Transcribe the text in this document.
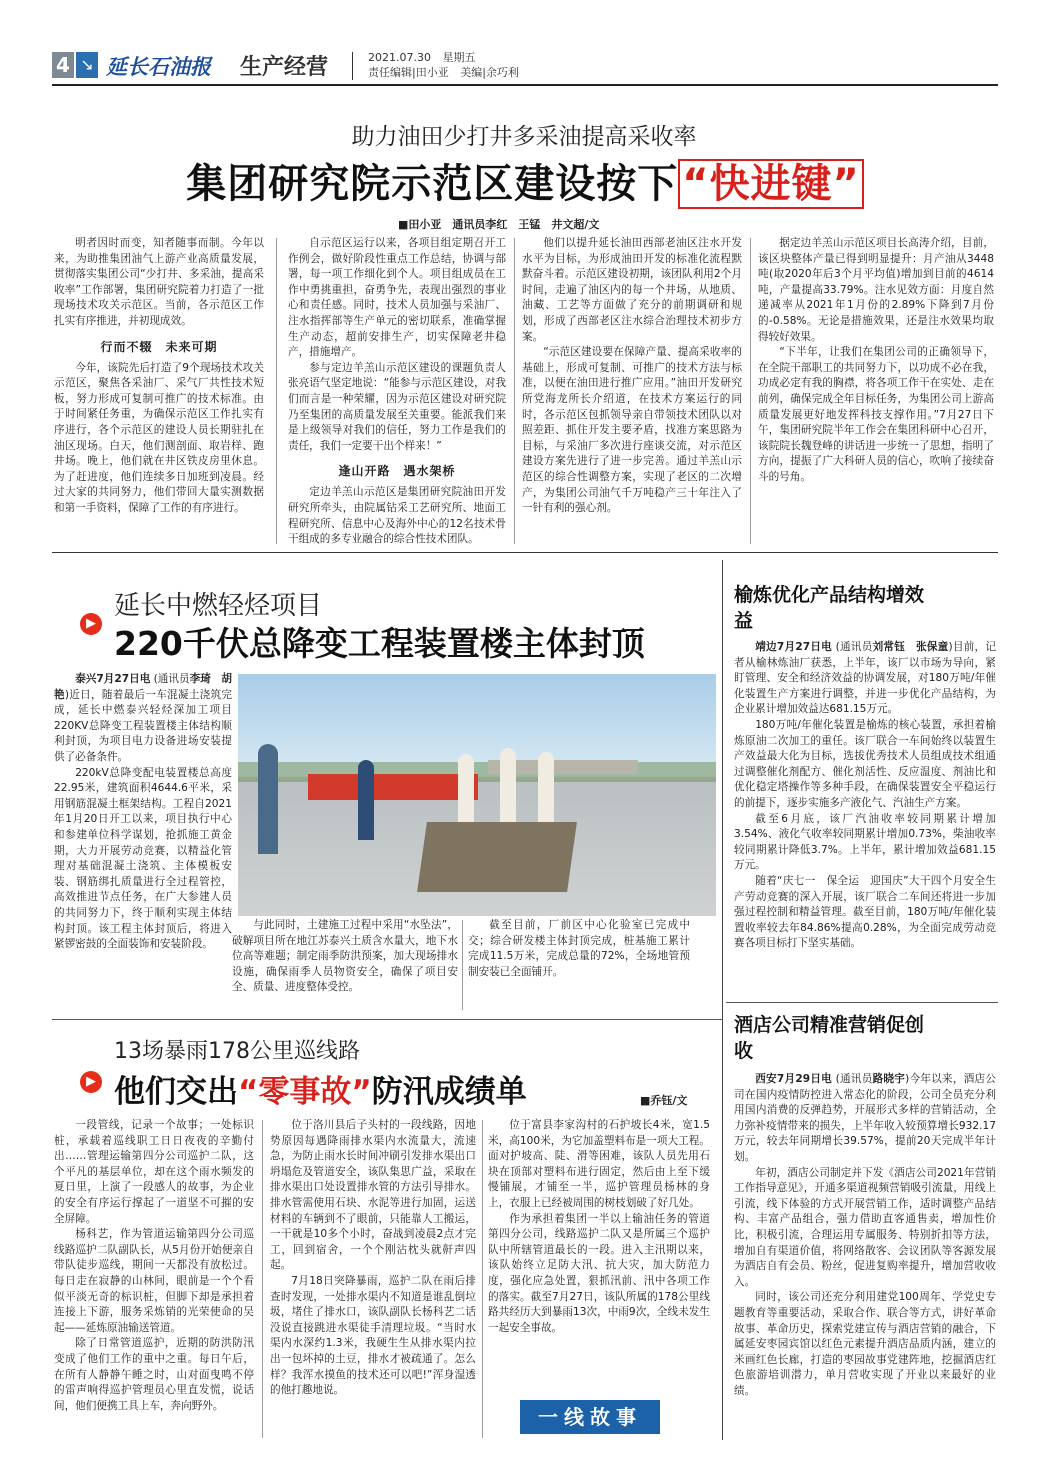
4 ↘ 延长石油报 生产经营	2021.07.30 星期五
责任编辑|田小亚 美编|余巧利
助力油田少打井多采油提高采收率
集团研究院示范区建设按下 “快进键”
■田小亚　通讯员李红　王锰　井文超/文

明者因时而变，知者随事而制。今年以来，为助推集团油气上游产业高质量发展，贯彻落实集团公司“少打井、多采油，提高采收率”工作部署，集团研究院着力打造了一批现场技术攻关示范区。当前，各示范区工作扎实有序推进，并初现成效。

行而不辍　未来可期

今年，该院先后打造了9个现场技术攻关示范区，聚焦各采油厂、采气厂共性技术短板，努力形成可复制可推广的技术标准。由于时间紧任务重，为确保示范区工作扎实有序进行，各个示范区的建设人员长期驻扎在油区现场。白天，他们测剖面、取岩样、跑井场。晚上，他们就在井区铁皮房里休息。为了赶进度，他们连续多日加班到凌晨。经过大家的共同努力，他们带回大量实测数据和第一手资料，保障了工作的有序进行。

自示范区运行以来，各项目组定期召开工作例会，做好阶段性重点工作总结，协调与部署，每一项工作细化到个人。项目组成员在工作中勇挑重担，奋勇争先，表现出强烈的事业心和责任感。同时，技术人员加强与采油厂、注水指挥部等生产单元的密切联系，准确掌握生产动态，超前安排生产，切实保障老井稳产，措施增产。

参与定边羊羔山示范区建设的课题负责人张亮语气坚定地说：“能参与示范区建设，对我们而言是一种荣耀，因为示范区建设对研究院乃至集团的高质量发展至关重要。能派我们来是上级领导对我们的信任，努力工作是我们的责任，我们一定要干出个样来！”

逢山开路　遇水架桥

定边羊羔山示范区是集团研究院油田开发研究所牵头，由院属钻采工艺研究所、地面工程研究所、信息中心及海外中心的12名技术骨干组成的多专业融合的综合性技术团队。

他们以提升延长油田西部老油区注水开发水平为目标，为形成油田开发的标准化流程默默奋斗着。示范区建设初期，该团队利用2个月时间，走遍了油区内的每一个井场，从地质、油藏、工艺等方面做了充分的前期调研和规划，形成了西部老区注水综合治理技术初步方案。

“示范区建设要在保障产量、提高采收率的基础上，形成可复制、可推广的技术方法与标准，以便在油田进行推广应用。”油田开发研究所党海龙所长介绍道，在技术方案运行的同时，各示范区包抓领导亲自带领技术团队以对照差距、抓住开发主要矛盾，找准方案思路为目标，与采油厂多次进行座谈交流，对示范区建设方案先进行了进一步完善。通过羊羔山示范区的综合性调整方案，实现了老区的二次增产，为集团公司油气千万吨稳产三十年注入了一针有利的强心剂。

据定边羊羔山示范区项目长高涛介绍，目前，该区块整体产量已得到明显提升：月产油从3448吨(取2020年后3个月平均值)增加到目前的4614吨，产量提高33.79%。注水见效方面：月度自然递减率从2021年1月份的2.89%下降到7月份的-0.58%。无论是措施效果，还是注水效果均取得较好效果。

“下半年，让我们在集团公司的正确领导下，在全院干部职工的共同努力下，以功成不必在我，功成必定有我的胸襟，将各项工作干在实处、走在前列，确保完成全年目标任务，为集团公司上游高质量发展更好地发挥科技支撑作用。”7月27日下午，集团研究院半年工作会在集团科研中心召开，该院院长魏登峰的讲话进一步统一了思想，指明了方向，提振了广大科研人员的信心，吹响了接续奋斗的号角。

▶
延长中燃轻烃项目
220千伏总降变工程装置楼主体封顶

泰兴7月27日电 (通讯员李琦　胡艳)近日，随着最后一车混凝土浇筑完成，延长中燃泰兴轻烃深加工项目220KV总降变工程装置楼主体结构顺利封顶，为项目电力设备进场安装提供了必备条件。

220kV总降变配电装置楼总高度22.95米，建筑面积4644.6平米，采用钢筋混凝土框架结构。工程自2021年1月20日开工以来，项目执行中心和参建单位科学谋划，抢抓施工黄金期，大力开展劳动竞赛，以精益化管理对基础混凝土浇筑、主体模板安装、钢筋绑扎质量进行全过程管控，高效推进节点任务，在广大参建人员的共同努力下，终于顺利实现主体结构封顶。该工程主体封顶后，将进入紧锣密鼓的全面装饰和安装阶段。

与此同时，土建施工过程中采用“水坠法”，破解项目所在地江苏泰兴土质含水量大，地下水位高等难题；制定雨季防洪预案，加大现场排水设施，确保雨季人员物资安全，确保了项目安全、质量、进度整体受控。

截至目前，厂前区中心化验室已完成中交；综合研发楼主体封顶完成，桩基施工累计完成11.5万米，完成总量的72%，全场地管预制安装已全面铺开。

榆炼优化产品结构增效益

靖边7月27日电 (通讯员刘常钰　张保童)目前，记者从榆林炼油厂获悉，上半年，该厂以市场为导向，紧盯管理、安全和经济效益的协调发展，对180万吨/年催化装置生产方案进行调整，并进一步优化产品结构，为企业累计增加效益达681.15万元。

180万吨/年催化装置是榆炼的核心装置，承担着榆炼原油二次加工的重任。该厂联合一车间始终以装置生产效益最大化为目标，选拔优秀技术人员组成技术组通过调整催化剂配方、催化剂活性、反应温度、剂油比和优化稳定塔操作等多种手段，在确保装置安全平稳运行的前提下，逐步实施多产液化气、汽油生产方案。

截至6月底，该厂汽油收率较同期累计增加3.54%、液化气收率较同期累计增加0.73%，柴油收率较同期累计降低3.7%。上半年，累计增加效益681.15万元。

随着“庆七一　保全运　迎国庆”大干四个月安全生产劳动竞赛的深入开展，该厂联合二车间还将进一步加强过程控制和精益管理。截至目前，180万吨/年催化装置收率较去年84.86%提高0.28%，为全面完成劳动竞赛各项目标打下坚实基础。

酒店公司精准营销促创收

西安7月29日电 (通讯员路晓宇)今年以来，酒店公司在国内疫情防控进入常态化的阶段，公司全员充分利用国内消费的反弹趋势，开展形式多样的营销活动，全力弥补疫情带来的损失，上半年收入较预算增长932.17万元，较去年同期增长39.57%，提前20天完成半年计划。

年初，酒店公司制定并下发《酒店公司2021年营销工作指导意见》，开通多渠道视频营销吸引流量，用线上引流，线下体验的方式开展营销工作，适时调整产品结构、丰富产品组合，强力借助直客通售卖，增加性价比，积极引流，合理运用专属服务、特别折扣等方法，增加自有渠道价值，将网络散客、会议团队等客源发展为酒店自有会员、粉丝，促进复购率提升，增加营收收入。

同时，该公司还充分利用建党100周年、学党史专题教育等重要活动，采取合作、联合等方式，讲好革命故事、革命历史，探索党建宣传与酒店营销的融合，下属延安枣园宾馆以红色元素提升酒店品质内涵，建立的米画红色长廊，打造的枣园故事党建阵地，挖掘酒店红色旅游培训潜力，单月营收实现了开业以来最好的业绩。

▶
13场暴雨178公里巡线路
他们交出“零事故”防汛成绩单	■乔钰/文

一段管线，记录一个故事；一处标识桩，承载着巡线职工日日夜夜的辛勤付出……管理运输第四分公司巡护二队，这个平凡的基层单位，却在这个雨水频发的夏日里，上演了一段感人的故事，为企业的安全有序运行撑起了一道坚不可摧的安全屏障。

杨科艺，作为管道运输第四分公司巡线路巡护二队副队长，从5月份开始便亲自带队徒步巡线，期间一天都没有放松过。每日走在寂静的山林间，眼前是一个个看似平淡无奇的标识桩，但脚下却是承担着连接上下游，服务采炼销的光荣使命的吴起——延炼原油输送管道。

除了日常管道巡护，近期的防洪防汛变成了他们工作的重中之重。每日午后，在所有人静静午睡之时，山对面曳鸣不停的雷声响得巡护管理员心里直发慌，说话间，他们便携工具上车，奔向野外。

位于洛川县后子头村的一段线路，因地势原因每遇降雨排水渠内水流量大，流速急，为防止雨水长时间冲刷引发排水渠出口坍塌危及管道安全，该队集思广益，采取在排水渠出口处设置排水管的方法引导排水。排水管需使用石块、水泥等进行加固，运送材料的车辆到不了眼前，只能靠人工搬运，一干就是10多个小时，奋战到凌晨2点才完工，回到宿舍，一个个刚沾枕头就鼾声四起。

7月18日突降暴雨，巡护二队在雨后排查时发现，一处排水渠内不知道是谁乱倒垃圾，堵住了排水口，该队副队长杨科艺二话没说直接跳进水渠徒手清理垃圾。“当时水渠内水深约1.3米，我硬生生从排水渠内拉出一包坏掉的土豆，排水才被疏通了。怎么样？我浑水摸鱼的技术还可以吧!”浑身湿透的他打趣地说。

位于富县李家沟村的石护坡长4米，宽1.5米，高100米，为它加盖塑料布是一项大工程。面对护坡高、陡、滑等困难，该队人员先用石块在顶部对塑料布进行固定，然后由上至下缓慢铺展，才铺至一半，巡护管理员杨林的身上，衣服上已经被周围的树枝划破了好几处。

作为承担着集团一半以上输油任务的管道第四分公司，线路巡护二队又是所属三个巡护队中所辖管道最长的一段。进入主汛期以来，该队始终立足防大汛、抗大灾，加大防范力度，强化应急处置，狠抓汛前、汛中各项工作的落实。截至7月27日，该队所属的178公里线路共经历大到暴雨13次，中雨9次，全线未发生一起安全事故。

一线故事
